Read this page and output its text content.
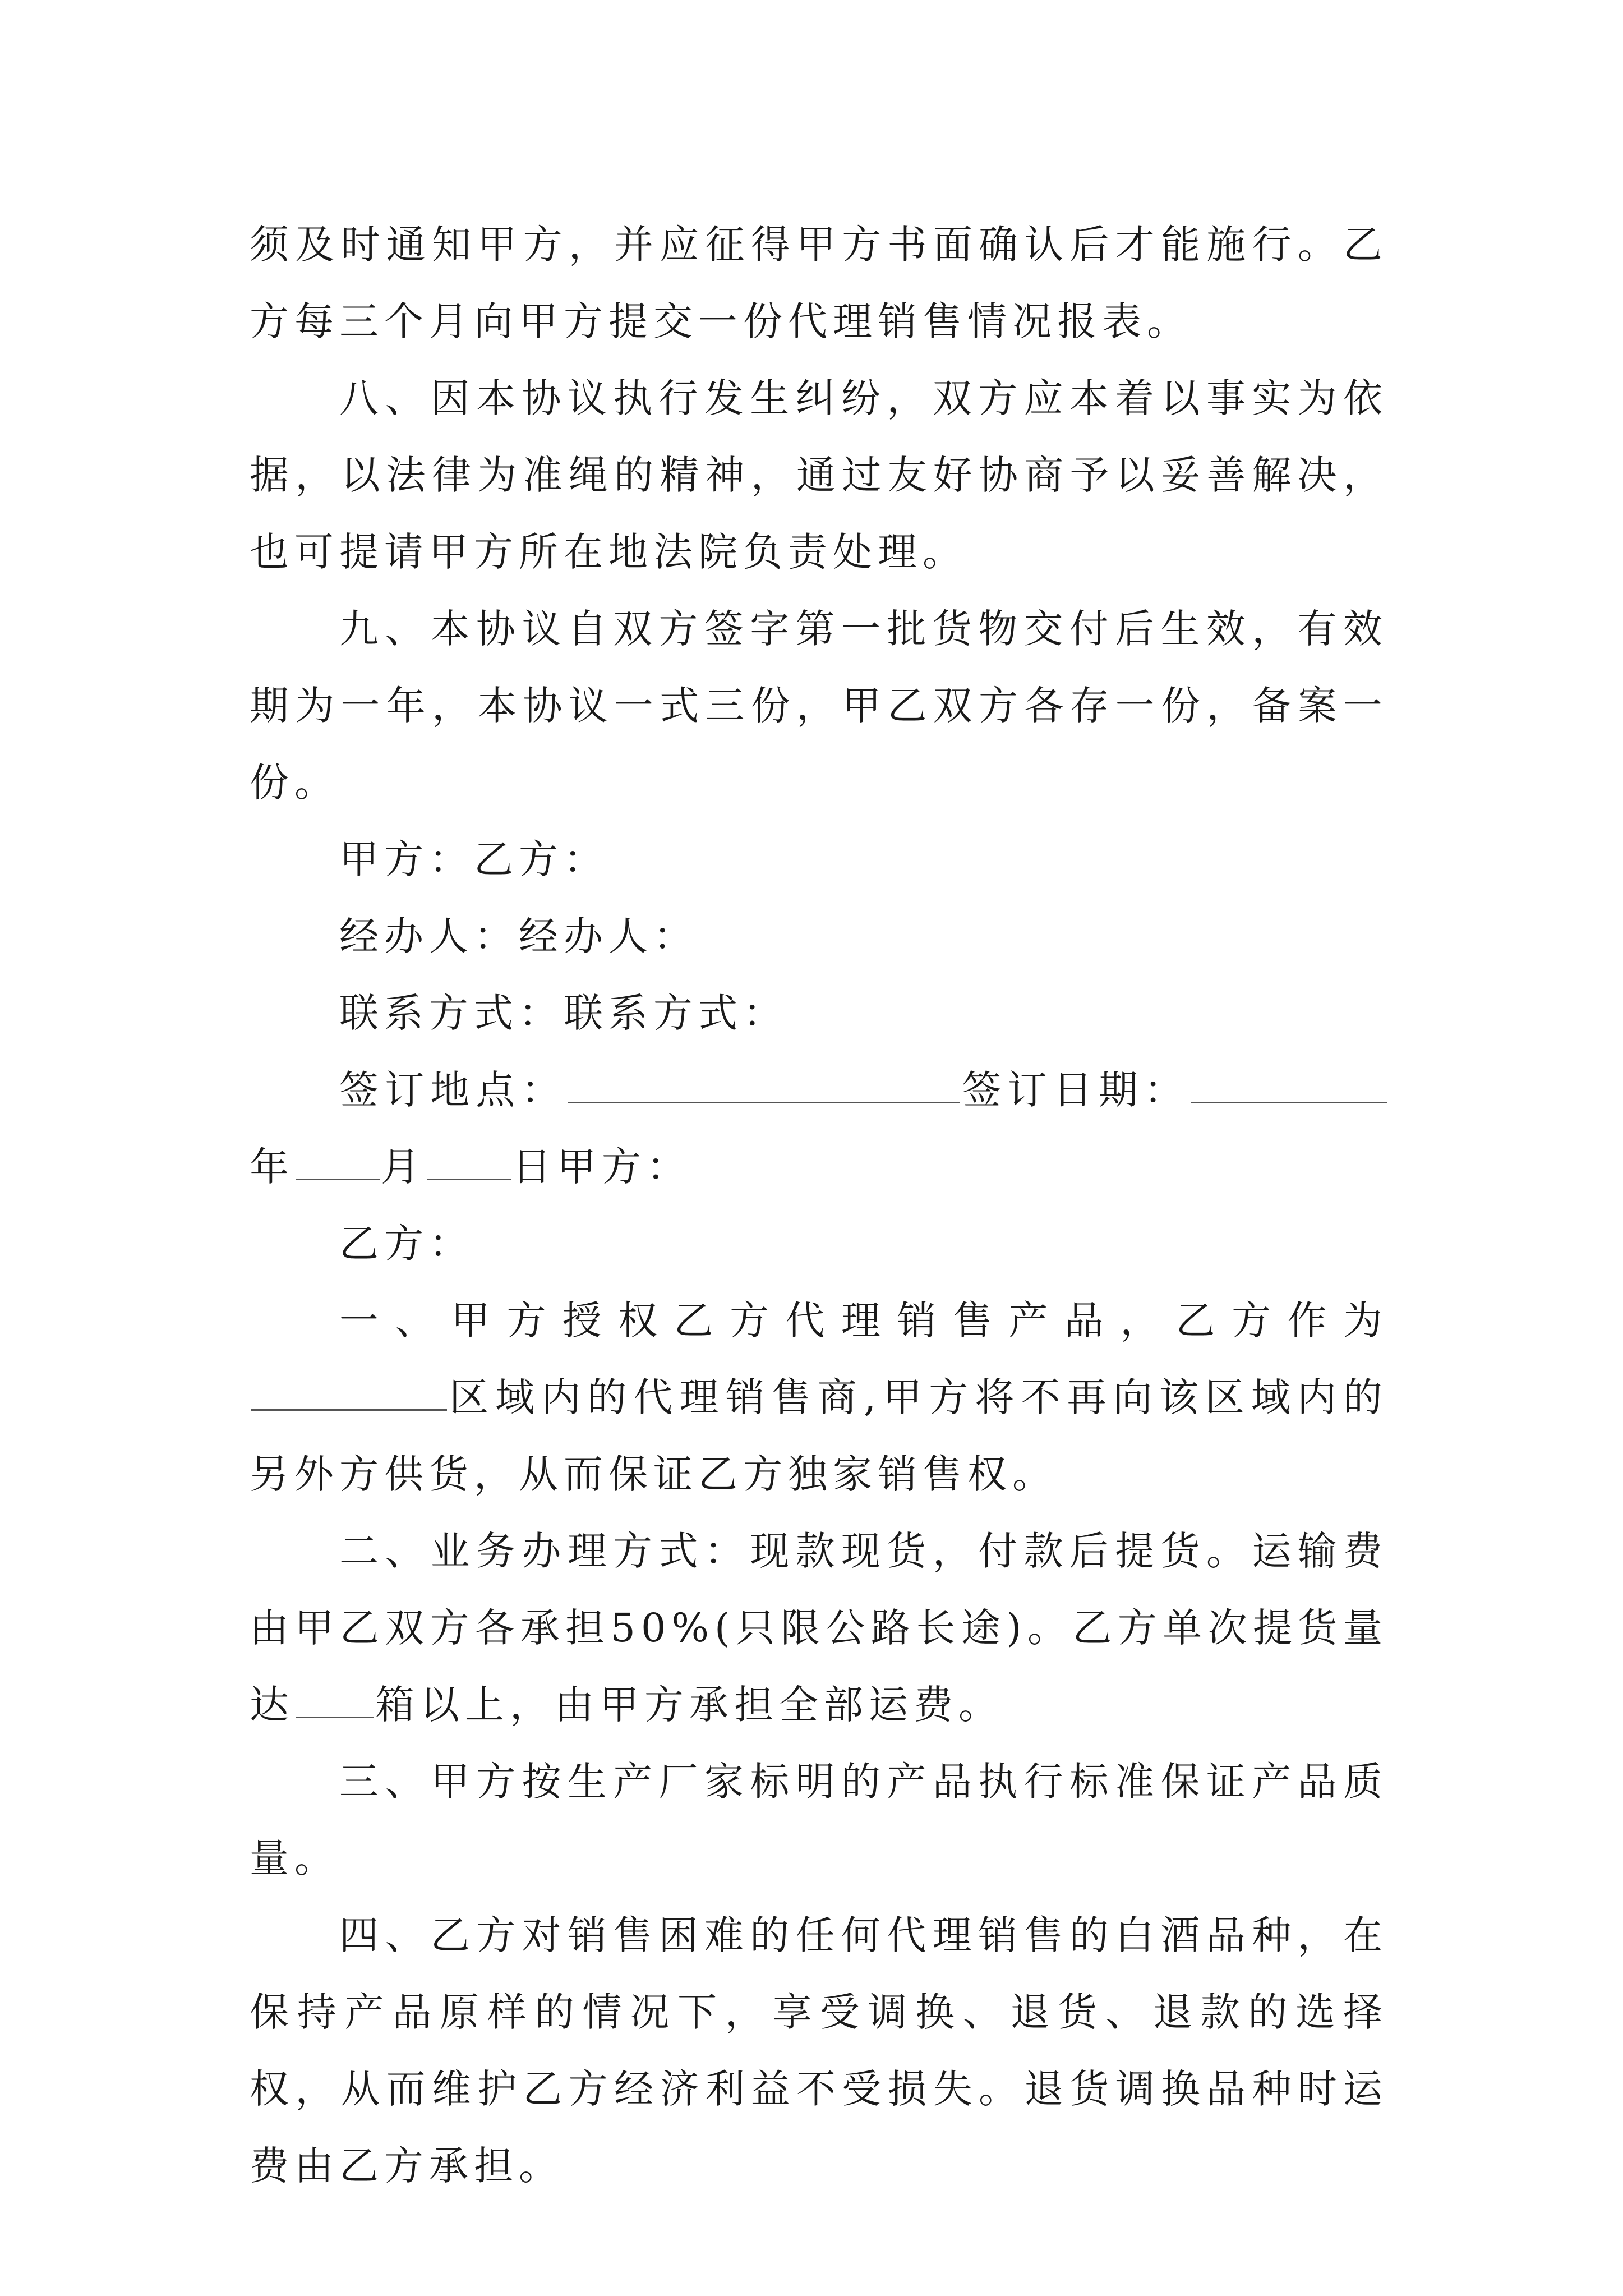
须及时通知甲方，并应征得甲方书面确认后才能施行。乙方每三个月向甲方提交一份代理销售情况报表。

八、因本协议执行发生纠纷，双方应本着以事实为依据，以法律为准绳的精神，通过友好协商予以妥善解决，也可提请甲方所在地法院负责处理。

九、本协议自双方签字第一批货物交付后生效，有效期为一年，本协议一式三份，甲乙双方各存一份，备案一份。

甲方：乙方：

经办人：经办人：

联系方式：联系方式：

签订地点：	签订日期：年 月 日甲方：

乙方：

一、甲方授权乙方代理销售产品，乙方作为区域内的代理销售商,甲方将不再向该区域内的另外方供货，从而保证乙方独家销售权。

二、业务办理方式：现款现货，付款后提货。运输费由甲乙双方各承担50%(只限公路长途)。乙方单次提货量达 箱以上，由甲方承担全部运费。

三、甲方按生产厂家标明的产品执行标准保证产品质量。

四、乙方对销售困难的任何代理销售的白酒品种，在保持产品原样的情况下，享受调换、退货、退款的选择权，从而维护乙方经济利益不受损失。退货调换品种时运费由乙方承担。
